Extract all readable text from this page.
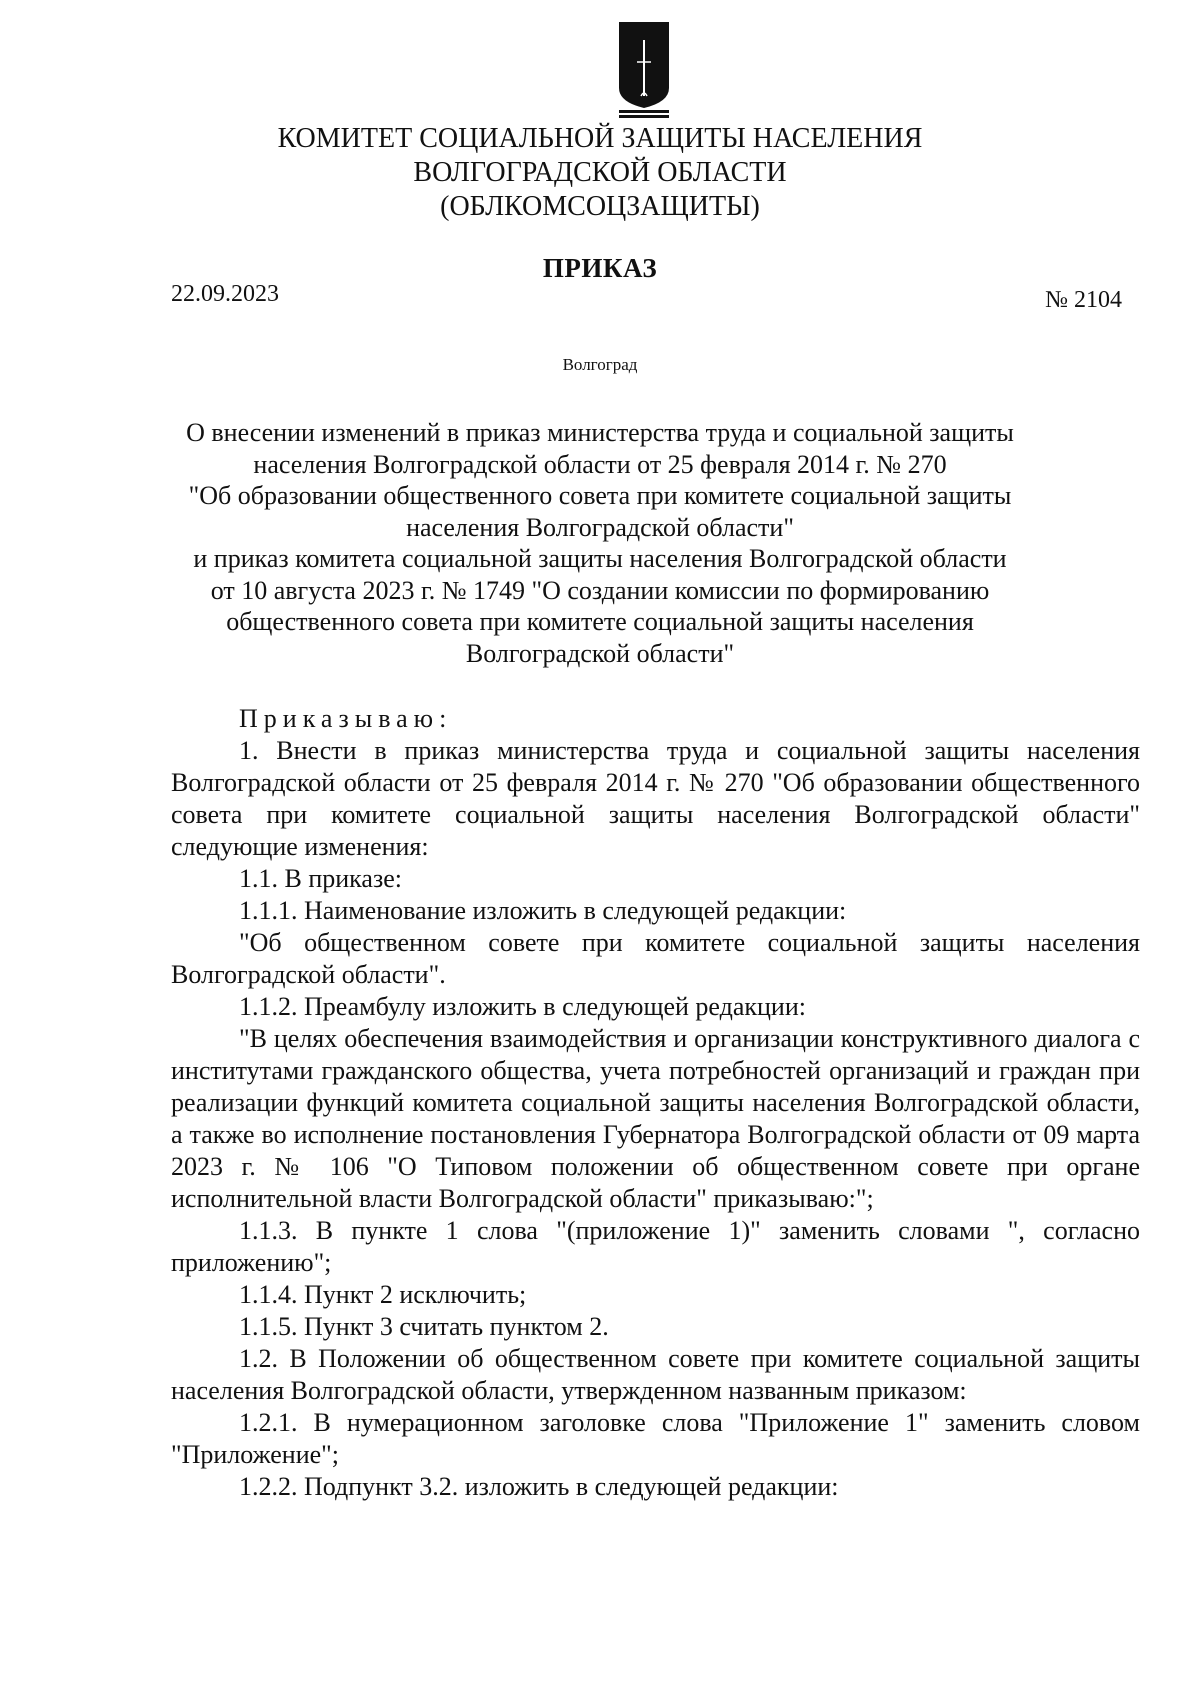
КОМИТЕТ СОЦИАЛЬНОЙ ЗАЩИТЫ НАСЕЛЕНИЯ
ВОЛГОГРАДСКОЙ ОБЛАСТИ
(ОБЛКОМСОЦЗАЩИТЫ)
ПРИКАЗ
22.09.2023	№ 2104
Волгоград
О внесении изменений в приказ министерства труда и социальной защиты
населения Волгоградской области от 25 февраля 2014 г. № 270
"Об образовании общественного совета при комитете социальной защиты
населения Волгоградской области"
и приказ комитета социальной защиты населения Волгоградской области
от 10 августа 2023 г. № 1749 "О создании комиссии по формированию
общественного совета при комитете социальной защиты населения
Волгоградской области"

Приказываю:

1. Внести в приказ министерства труда и социальной защиты населения Волгоградской области от 25 февраля 2014 г. № 270 "Об образовании общественного совета при комитете социальной защиты населения Волгоградской области" следующие изменения:

1.1. В приказе:

1.1.1. Наименование изложить в следующей редакции:

"Об общественном совете при комитете социальной защиты населения Волгоградской области".

1.1.2. Преамбулу изложить в следующей редакции:

"В целях обеспечения взаимодействия и организации конструктивного диалога с институтами гражданского общества, учета потребностей организаций и граждан при реализации функций комитета социальной защиты населения Волгоградской области, а также во исполнение постановления Губернатора Волгоградской области от 09 марта 2023 г. № 106 "О Типовом положении об общественном совете при органе исполнительной власти Волгоградской области" приказываю:";

1.1.3. В пункте 1 слова "(приложение 1)" заменить словами ", согласно приложению";

1.1.4. Пункт 2 исключить;

1.1.5. Пункт 3 считать пунктом 2.

1.2. В Положении об общественном совете при комитете социальной защиты населения Волгоградской области, утвержденном названным приказом:

1.2.1. В нумерационном заголовке слова "Приложение 1" заменить словом "Приложение";

1.2.2. Подпункт 3.2. изложить в следующей редакции:
